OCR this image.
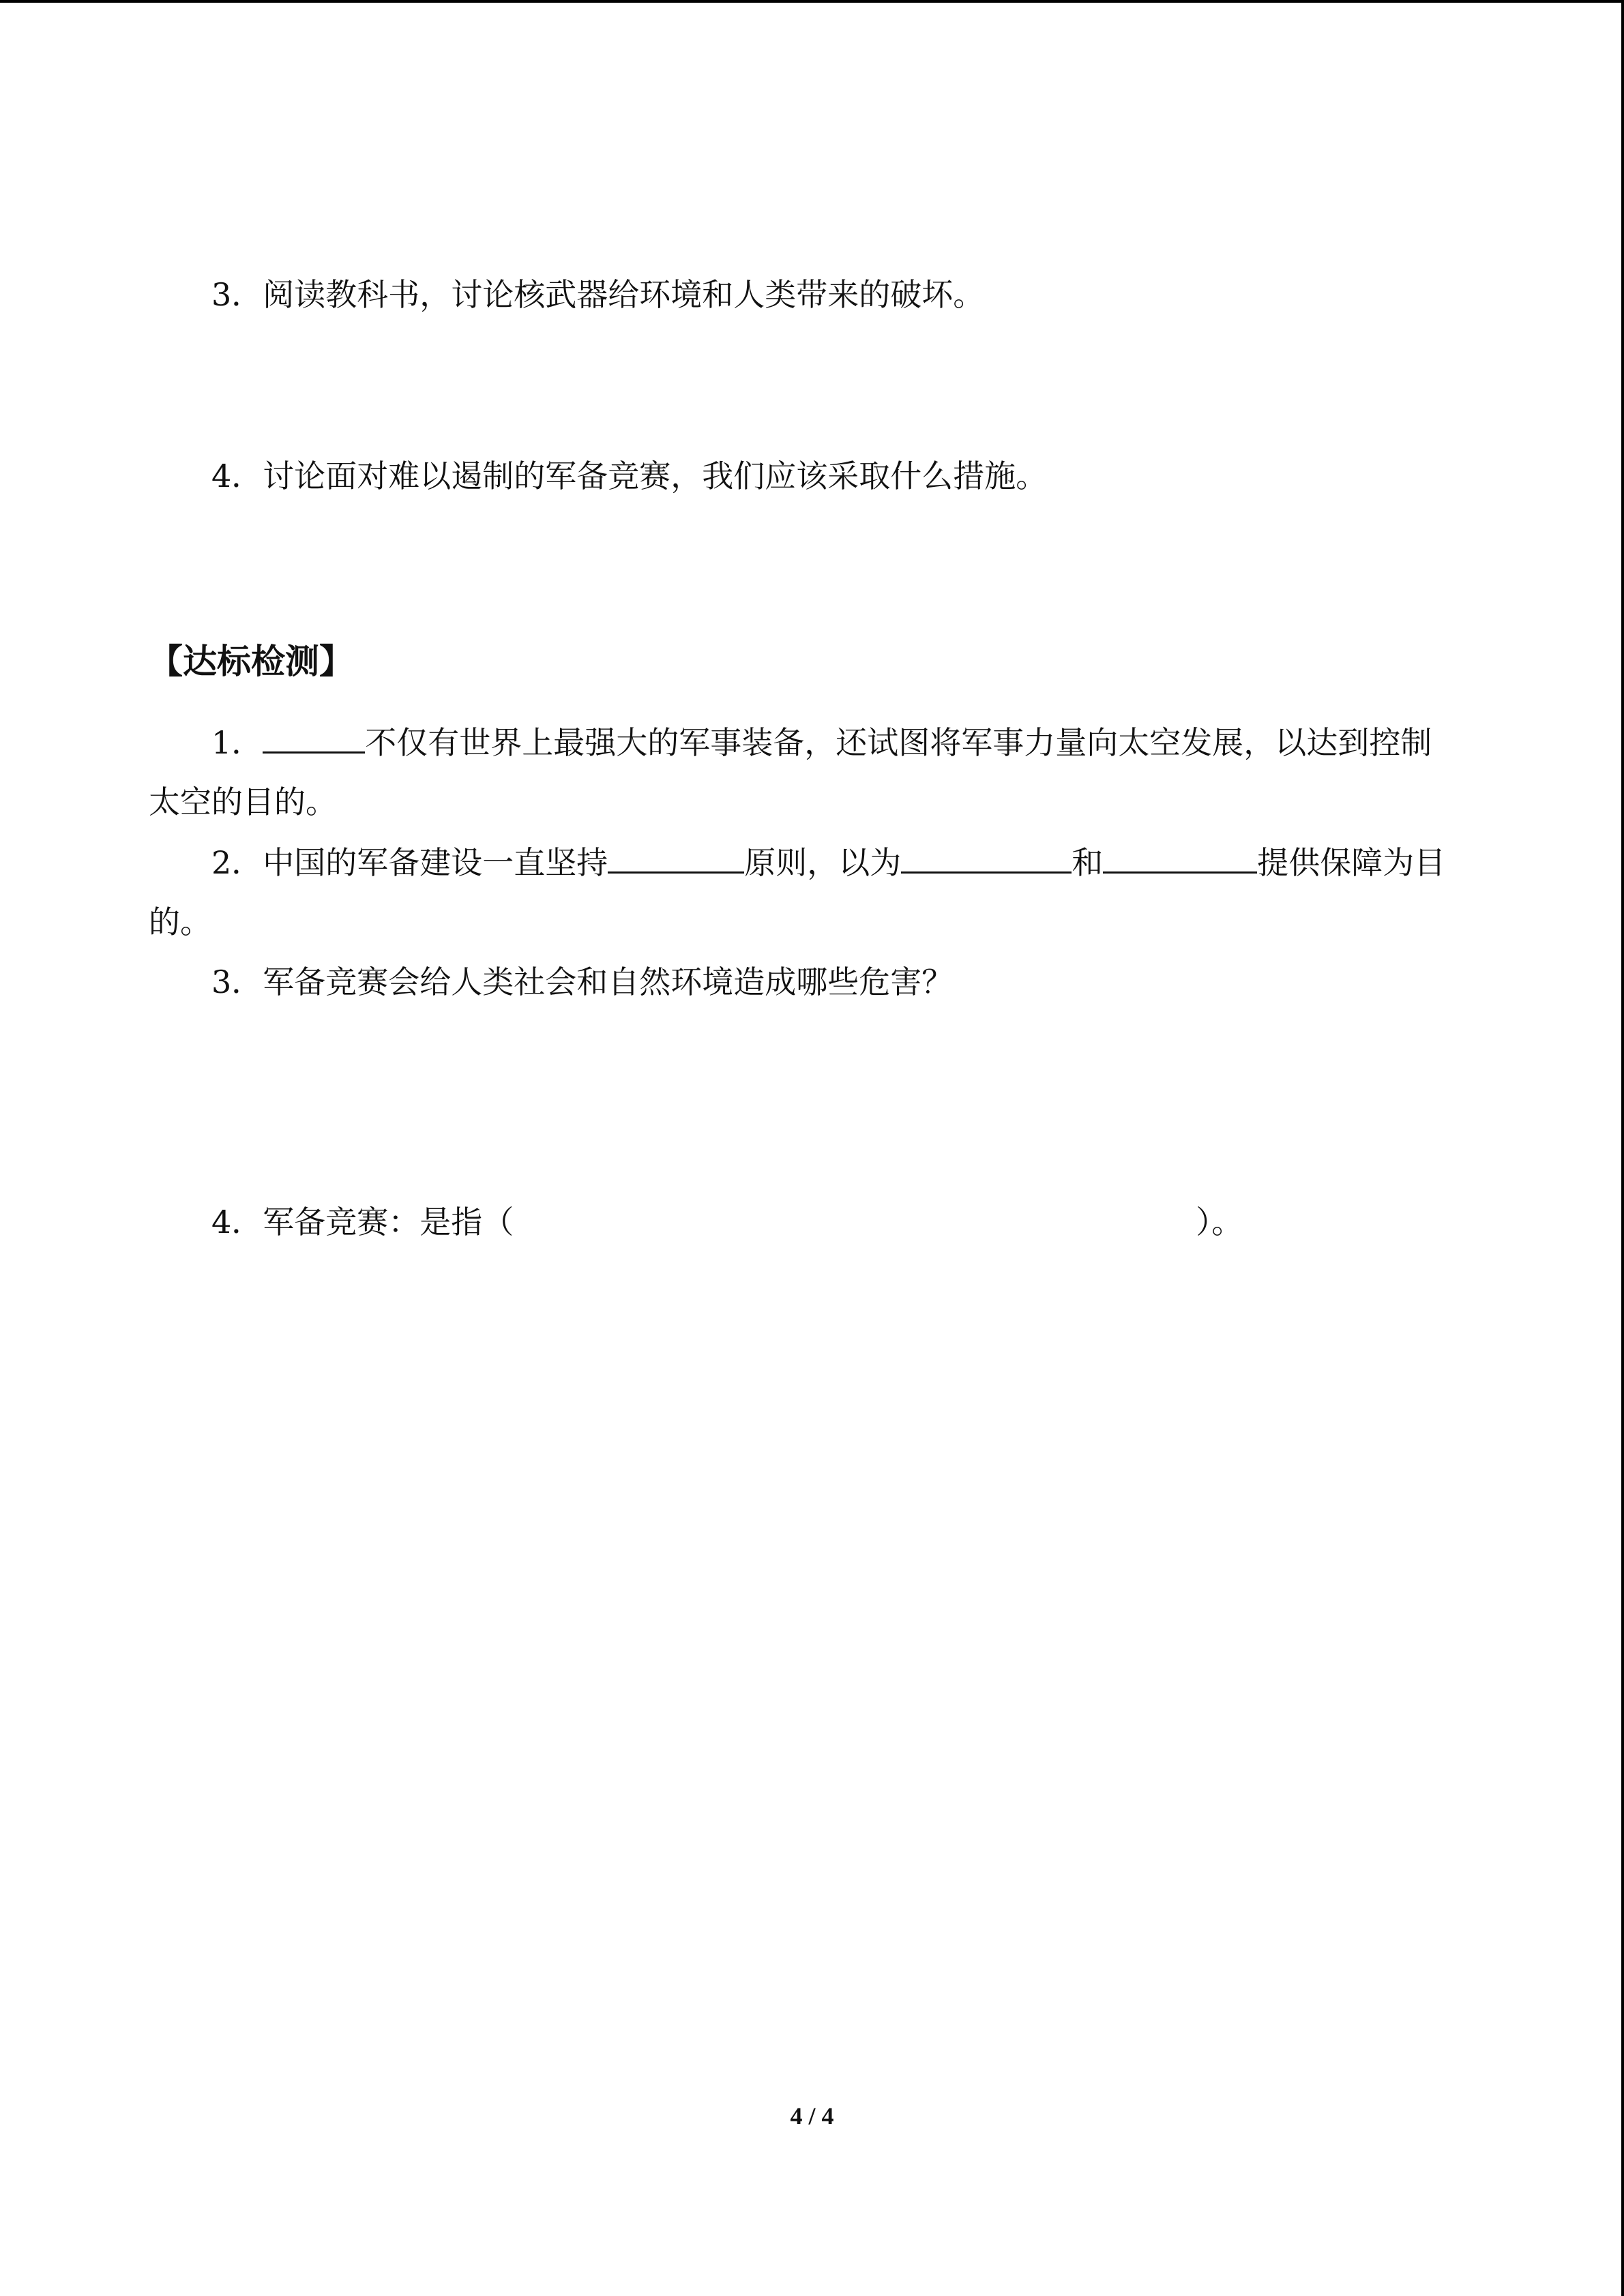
3．阅读教科书，讨论核武器给环境和人类带来的破坏。
4．讨论面对难以遏制的军备竞赛，我们应该采取什么措施。
【达标检测】
1．	不仅有世界上最强大的军事装备，还试图将军事力量向太空发展，以达到控制
太空的目的。
2．中国的军备建设一直坚持	原则，以为	和	提供保障为目
的。
3．军备竞赛会给人类社会和自然环境造成哪些危害？
4．军备竞赛：是指（	）。
4 / 4
